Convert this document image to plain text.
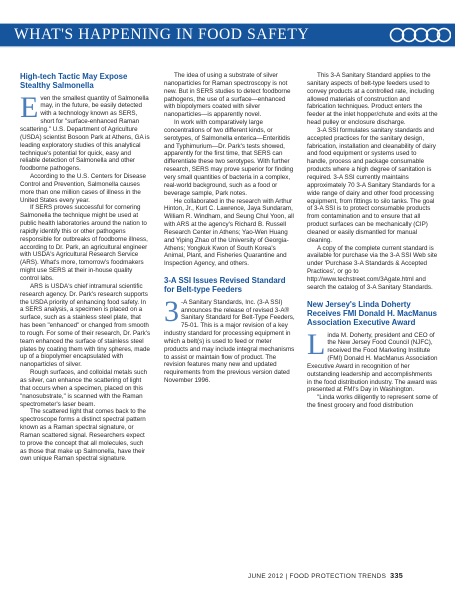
WHAT'S HAPPENING IN FOOD SAFETY
High-tech Tactic May Expose Stealthy Salmonella
E ven the smallest quantity of Salmonella may, in the future, be easily detected with a technology known as SERS, short for "surface-enhanced Raman scattering." U.S. Department of Agriculture (USDA) scientist Bosoon Park at Athens, GA is leading exploratory studies of this analytical technique's potential for quick, easy and reliable detection of Salmonella and other foodborne pathogens.

According to the U.S. Centers for Disease Control and Prevention, Salmonella causes more than one million cases of illness in the United States every year.

If SERS proves successful for cornering Salmonella the technique might be used at public health laboratories around the nation to rapidly identify this or other pathogens responsible for outbreaks of foodborne illness, according to Dr. Park, an agricultural engineer with USDA's Agricultural Research Service (ARS). What's more, tomorrow's foodmakers might use SERS at their in-house quality control labs.

ARS is USDA's chief intramural scientific research agency. Dr. Park's research supports the USDA priority of enhancing food safety. In a SERS analysis, a specimen is placed on a surface, such as a stainless steel plate, that has been "enhanced" or changed from smooth to rough. For some of their research, Dr. Park's team enhanced the surface of stainless steel plates by coating them with tiny spheres, made up of a biopolymer encapsulated with nanoparticles of silver.

Rough surfaces, and colloidal metals such as silver, can enhance the scattering of light that occurs when a specimen, placed on this "nanosubstrate," is scanned with the Raman spectrometer's laser beam.

The scattered light that comes back to the spectroscope forms a distinct spectral pattern known as a Raman spectral signature, or Raman scattered signal. Researchers expect to prove the concept that all molecules, such as those that make up Salmonella, have their own unique Raman spectral signature.

The idea of using a substrate of silver nanoparticles for Raman spectroscopy is not new. But in SERS studies to detect foodborne pathogens, the use of a surface—enhanced with biopolymers coated with silver nanoparticles—is apparently novel.

In work with comparatively large concentrations of two different kinds, or serotypes, of Salmonella enterica—Enteritidis and Typhimurium—Dr. Park's tests showed, apparently for the first time, that SERS can differentiate these two serotypes. With further research, SERS may prove superior for finding very small quantities of bacteria in a complex, real-world background, such as a food or beverage sample, Park notes.

He collaborated in the research with Arthur Hinton, Jr., Kurt C. Lawrence, Jaya Sundaram, William R. Windham, and Seung Chul Yoon, all with ARS at the agency's Richard B. Russell Research Center in Athens; Yao-Wen Huang and Yiping Zhao of the University of Georgia-Athens; Yongkuk Kwon of South Korea's Animal, Plant, and Fisheries Quarantine and Inspection Agency, and others.

3-A SSI Issues Revised Standard for Belt-type Feeders
3 -A Sanitary Standards, Inc. (3-A SSI) announces the release of revised 3-A® Sanitary Standard for Belt-Type Feeders, 75-01. This is a major revision of a key industry standard for processing equipment in which a belt(s) is used to feed or meter products and may include integral mechanisms to assist or maintain flow of product. The revision features many new and updated requirements from the previous version dated November 1996.

This 3-A Sanitary Standard applies to the sanitary aspects of belt-type feeders used to convey products at a controlled rate, including allowed materials of construction and fabrication techniques. Product enters the feeder at the inlet hopper/chute and exits at the head pulley or enclosure discharge.

3-A SSI formulates sanitary standards and accepted practices for the sanitary design, fabrication, installation and cleanability of dairy and food equipment or systems used to handle, process and package consumable products where a high degree of sanitation is required. 3-A SSI currently maintains approximately 70 3-A Sanitary Standards for a wide range of dairy and other food processing equipment, from fittings to silo tanks. The goal of 3-A SSI is to protect consumable products from contamination and to ensure that all product surfaces can be mechanically (CIP) cleaned or easily dismantled for manual cleaning.

A copy of the complete current standard is available for purchase via the 3-A SSI Web site under 'Purchase 3-A Standards & Accepted Practices', or go to http://www.techstreet.com/3Agate.html and search the catalog of 3-A Sanitary Standards.

New Jersey's Linda Doherty Receives FMI Donald H. MacManus Association Executive Award
L inda M. Doherty, president and CEO of the New Jersey Food Council (NJFC), received the Food Marketing Institute (FMI) Donald H. MacManus Association Executive Award in recognition of her outstanding leadership and accomplishments in the food distribution industry. The award was presented at FMI's Day in Washington.

"Linda works diligently to represent some of the finest grocery and food distribution

JUNE 2012 | FOOD PROTECTION TRENDS 335
